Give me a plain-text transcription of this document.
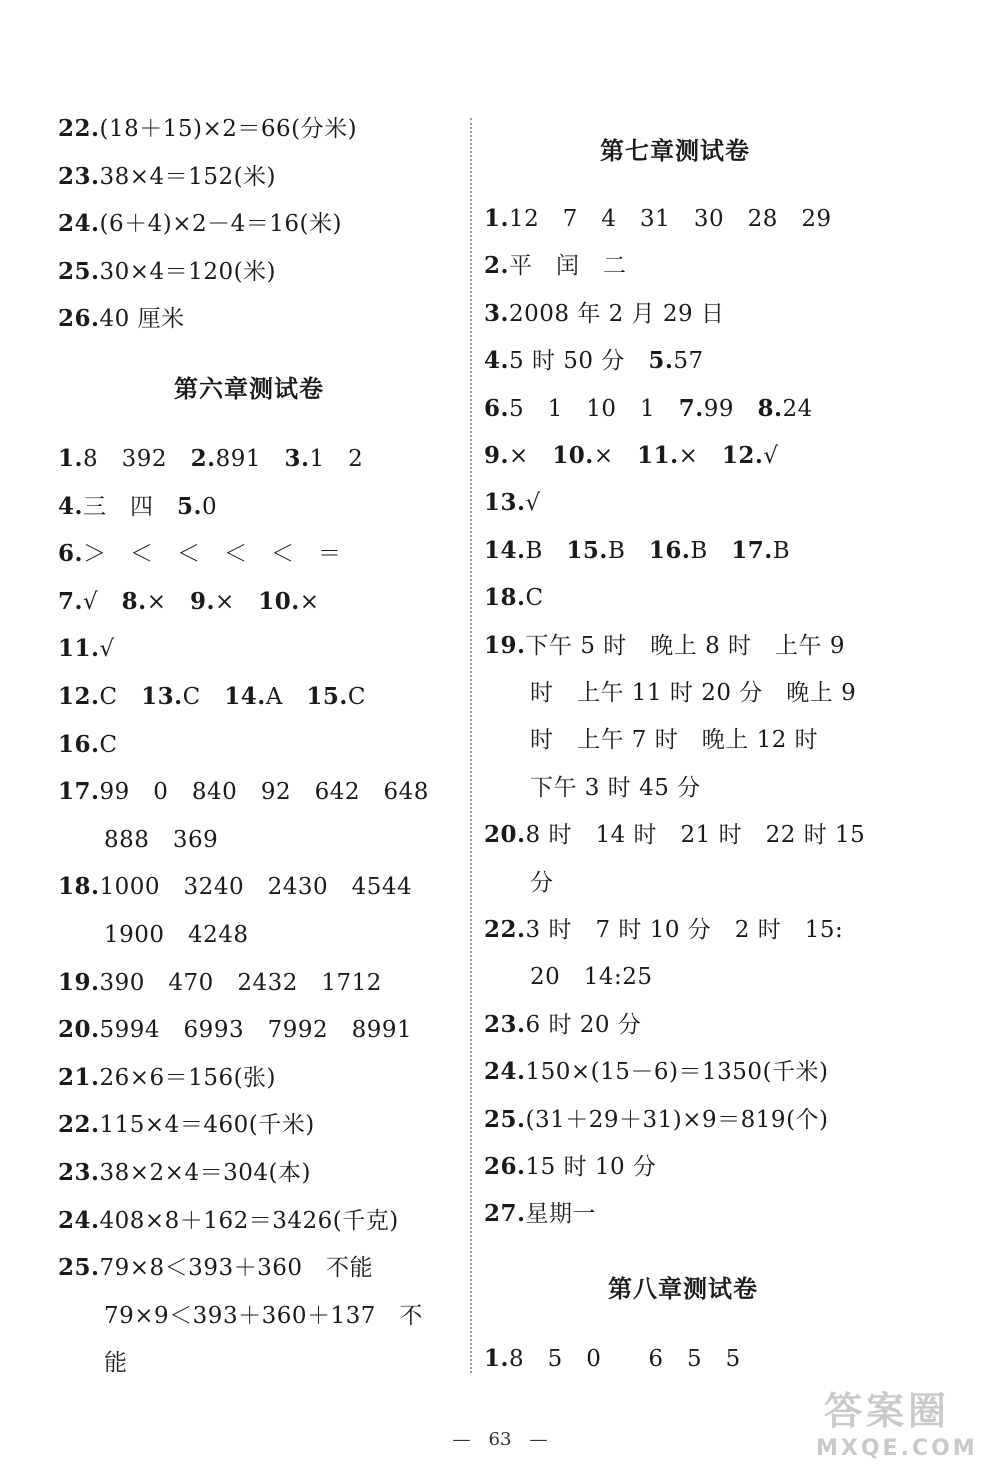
22.(18＋15)×2＝66(分米)
23.38×4＝152(米)
24.(6＋4)×2－4＝16(米)
25.30×4＝120(米)
26.40 厘米
第六章测试卷
1.8　392　2.891　3.1　2
4.三　四　5.0
6.＞　＜　＜　＜　＜　＝
7.√　8.×　9.×　10.×
11.√
12.C　13.C　14.A　15.C
16.C
17.99　0　840　92　642　648
888　369
18.1000　3240　2430　4544
1900　4248
19.390　470　2432　1712
20.5994　6993　7992　8991
21.26×6＝156(张)
22.115×4＝460(千米)
23.38×2×4＝304(本)
24.408×8＋162＝3426(千克)
25.79×8＜393＋360　不能
79×9＜393＋360＋137　不
能
第七章测试卷
1.12　7　4　31　30　28　29
2.平　闰　二
3.2008 年 2 月 29 日
4.5 时 50 分　5.57
6.5　1　10　1　7.99　8.24
9.×　10.×　11.×　12.√
13.√
14.B　15.B　16.B　17.B
18.C
19.下午 5 时　晚上 8 时　上午 9
时　上午 11 时 20 分　晚上 9
时　上午 7 时　晚上 12 时
下午 3 时 45 分
20.8 时　14 时　21 时　22 时 15
分
22.3 时　7 时 10 分　2 时　15:
20　14:25
23.6 时 20 分
24.150×(15－6)＝1350(千米)
25.(31＋29＋31)×9＝819(个)
26.15 时 10 分
27.星期一
第八章测试卷
1.8　5　0　　6　5　5
—　63　—
答案圈
MXQE.COM
